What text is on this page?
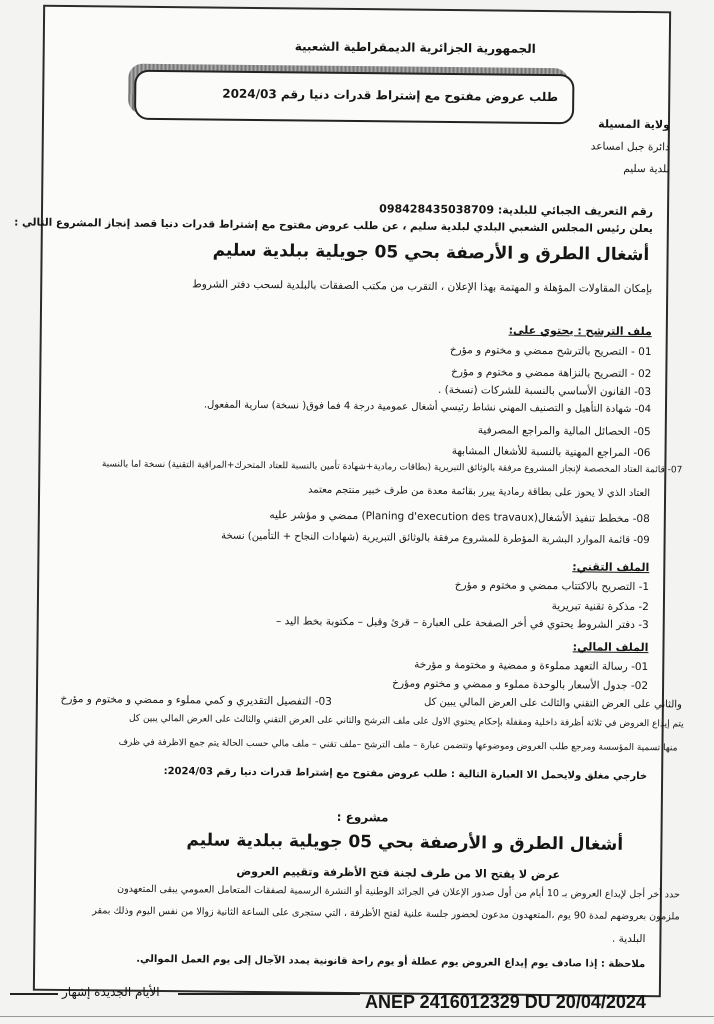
الجمهورية الجزائرية الديمقراطية الشعبية
طلب عروض مفتوح مع إشتراط قدرات دنيا رقم 2024/03
ولاية المسيلة
دائرة جبل امساعد
بلدية سليم
رقم التعريف الجبائي للبلدية: 098428435038709
يعلن رئيس المجلس الشعبي البلدي لبلدية سليم ، عن طلب عروض مفتوح مع إشتراط قدرات دنيا قصد إنجاز المشروع التالي :
أشغال الطرق و الأرصفة بحي 05 جويلية ببلدية سليم
بإمكان المقاولات المؤهلة و المهتمة بهذا الإعلان ، التقرب من مكتب الصفقات بالبلدية لسحب دفتر الشروط
ملف الترشح : يحتوي على:
01 - التصريح بالترشح ممضي و مختوم و مؤرخ
02 - التصريح بالنزاهة ممضي و مختوم و مؤرخ
03- القانون الأساسي بالنسبة للشركات (نسخة) .
04- شهادة التأهيل و التصنيف المهني نشاط رئيسي أشغال عمومية درجة 4 فما فوق( نسخة) سارية المفعول.
05- الحصائل المالية والمراجع المصرفية
06- المراجع المهنية بالنسبة للأشغال المشابهة
07- قائمة العتاد المخصصة لإنجاز المشروع مرفقة بالوثائق التبريرية (بطاقات رمادية+شهادة تأمين بالنسبة للعتاد المتحرك+المراقبة التقنية) نسخة اما بالنسبة
العتاد الذي لا يحوز على بطاقة رمادية يبرر بقائمة معدة من طرف خبير منتجم معتمد
08- مخطط تنفيذ الأشغال(Planing d'execution des travaux) ممضي و مؤشر عليه
09- قائمة الموارد البشرية المؤطرة للمشروع مرفقة بالوثائق التبريرية (شهادات النجاح + التأمين) نسخة
الملف التقني:
1- التصريح بالاكتتاب ممضي و مختوم و مؤرخ
2- مذكرة تقنية تبريرية
3- دفتر الشروط يحتوي في أخر الصفحة على العبارة – قرئ وقبل – مكتوبة بخط اليد –
الملف المالي:
01- رسالة التعهد مملوءة و ممضية و مختومة و مؤرخة
02- جدول الأسعار بالوحدة مملوء و ممضي و مختوم ومؤرخ
03- التفصيل التقديري و كمي مملوء و ممضي و مختوم و مؤرخ	والثاني على العرض التقني والثالث على العرض المالي يبين كل
يتم إيداع العروض في ثلاثة أظرفة داخلية ومقفلة بإحكام يحتوي الاول على ملف الترشح والثاني على العرض التقني والثالث على العرض المالي يبين كل
منها تسمية المؤسسة ومرجع طلب العروض وموضوعها وتتضمن عبارة – ملف الترشح –ملف تقني – ملف مالي حسب الحالة يتم جمع الاظرفة في ظرف
خارجي مغلق ولايحمل الا العبارة التالية : طلب عروض مفتوح مع إشتراط قدرات دنيا رقم 2024/03:
مشروع :
أشغال الطرق و الأرصفة بحي 05 جويلية ببلدية سليم
عرض لا يفتح الا من طرف لجنة فتح الأظرفة وتقييم العروض
حدد أخر أجل لإيداع العروض بـ 10 أيام من أول صدور الإعلان في الجرائد الوطنية أو النشرة الرسمية لصفقات المتعامل العمومي يبقى المتعهدون
ملزمون بعروضهم لمدة 90 يوم ،المتعهدون مدعون لحضور جلسة علنية لفتح الأظرفة ، التي ستجرى على الساعة الثانية زوالا من نفس اليوم وذلك بمقر
البلدية .
ملاحظة : إذا صادف يوم إيداع العروض يوم عطلة أو يوم راحة قانونية يمدد الآجال إلى يوم العمل الموالي.
الأيام الجديدة إشهار	ANEP 2416012329 DU 20/04/2024
